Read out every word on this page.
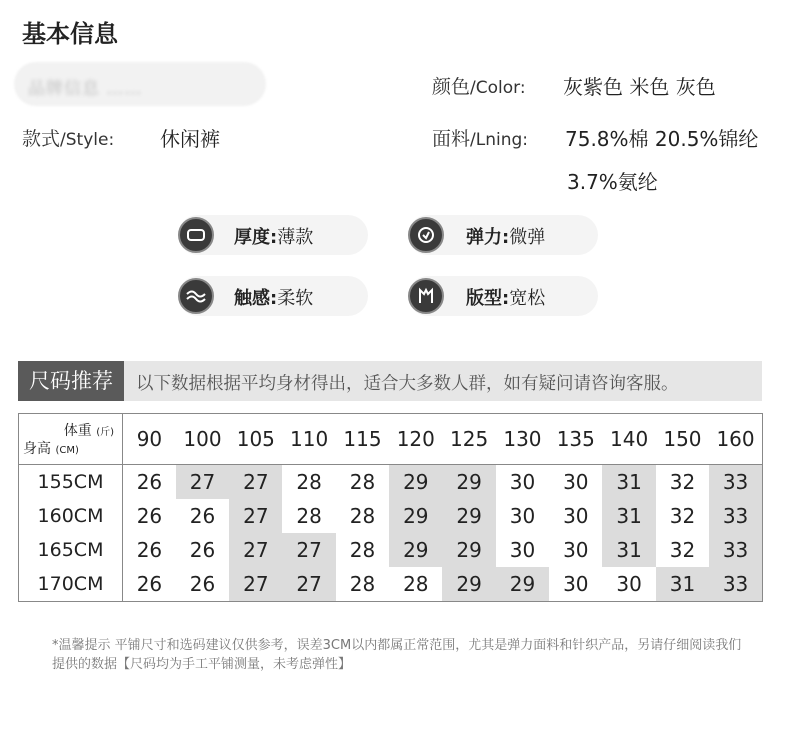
基本信息
品牌信息 ……	颜色/Color: 灰紫色 米色 灰色
款式/Style: 休闲裤	面料/Lning: 75.8%棉 20.5%锦纶
3.7%氨纶
厚度:薄款	弹力:微弹
触感:柔软	版型:宽松
尺码推荐	以下数据根据平均身材得出，适合大多数人群，如有疑问请咨询客服。
体重 (斤)
身高 (CM)	90	100	105	110	115	120	125	130	135	140	150	160
155CM	26	27	27	28	28	29	29	30	30	31	32	33
160CM	26	26	27	28	28	29	29	30	30	31	32	33
165CM	26	26	27	27	28	29	29	30	30	31	32	33
170CM	26	26	27	27	28	28	29	29	30	30	31	33
*温馨提示 平铺尺寸和选码建议仅供参考，误差3CM以内都属正常范围，尤其是弹力面料和针织产品，另请仔细阅读我们提供的数据【尺码均为手工平铺测量，未考虑弹性】
